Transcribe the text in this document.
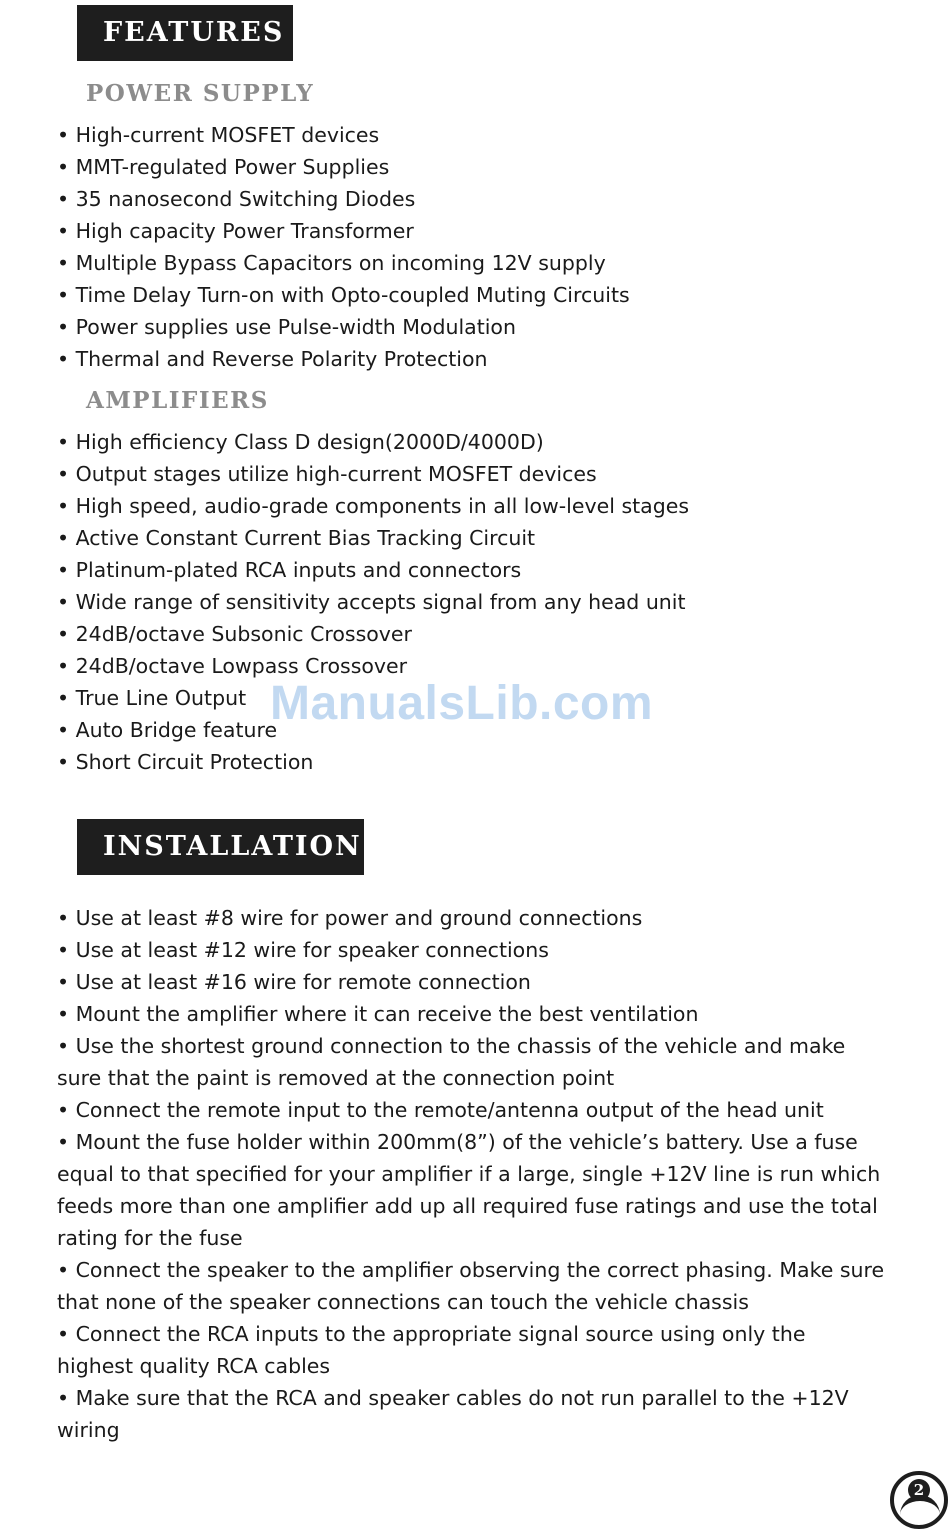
FEATURES
POWER SUPPLY
• High-current MOSFET devices
• MMT-regulated Power Supplies
• 35 nanosecond Switching Diodes
• High capacity Power Transformer
• Multiple Bypass Capacitors on incoming 12V supply
• Time Delay Turn-on with Opto-coupled Muting Circuits
• Power supplies use Pulse-width Modulation
• Thermal and Reverse Polarity Protection
AMPLIFIERS
• High efficiency Class D design(2000D/4000D)
• Output stages utilize high-current MOSFET devices
• High speed, audio-grade components in all low-level stages
• Active Constant Current Bias Tracking Circuit
• Platinum-plated RCA inputs and connectors
• Wide range of sensitivity accepts signal from any head unit
• 24dB/octave Subsonic Crossover
• 24dB/octave Lowpass Crossover
• True Line Output
• Auto Bridge feature
• Short Circuit Protection
ManualsLib.com
INSTALLATION
• Use at least #8 wire for power and ground connections
• Use at least #12 wire for speaker connections
• Use at least #16 wire for remote connection
• Mount the amplifier where it can receive the best ventilation
• Use the shortest ground connection to the chassis of the vehicle and make sure that the paint is removed at the connection point
• Connect the remote input to the remote/antenna output of the head unit
• Mount the fuse holder within 200mm(8”) of the vehicle’s battery. Use a fuse equal to that specified for your amplifier if a large, single +12V line is run which feeds more than one amplifier add up all required fuse ratings and use the total rating for the fuse
• Connect the speaker to the amplifier observing the correct phasing. Make sure that none of the speaker connections can touch the vehicle chassis
• Connect the RCA inputs to the appropriate signal source using only the highest quality RCA cables
• Make sure that the RCA and speaker cables do not run parallel to the +12V wiring
2
